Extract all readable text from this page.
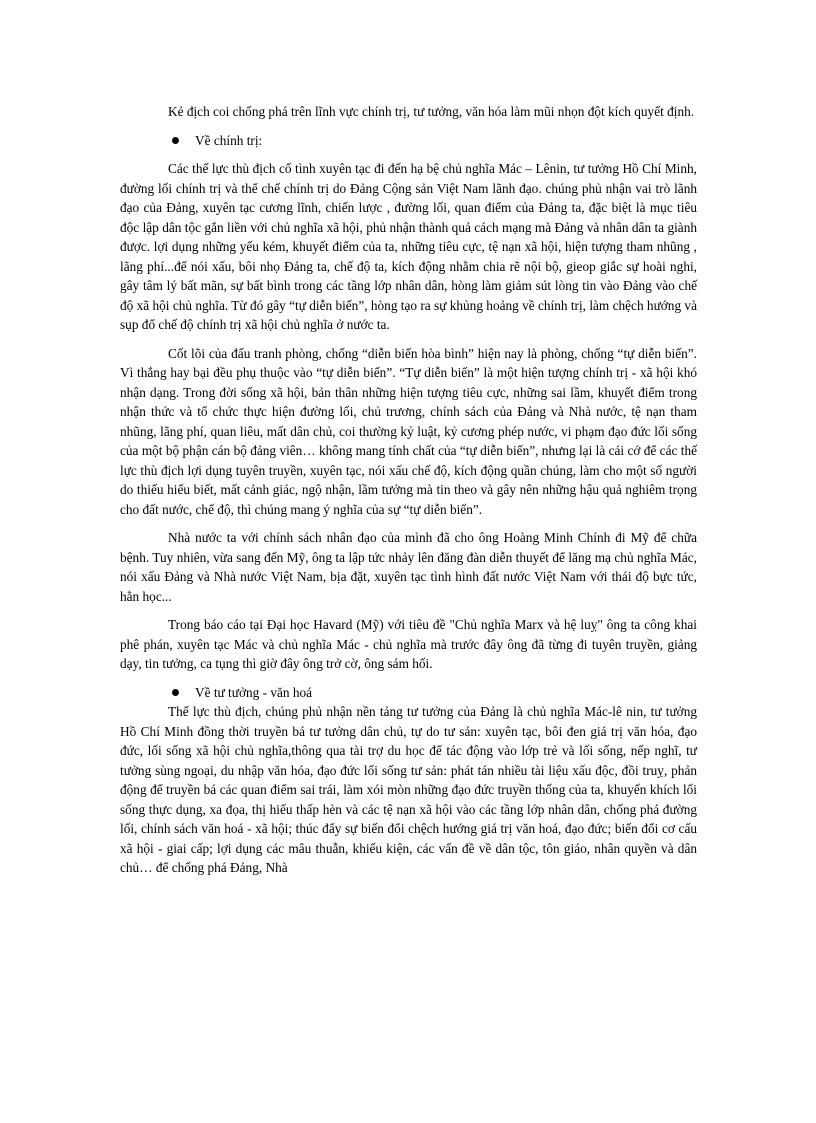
Kẻ địch coi chống phá trên lĩnh vực chính trị, tư tưởng, văn hóa làm mũi nhọn đột kích quyết định.

Về chính trị:

Các thế lực thù địch cố tình xuyên tạc đi đến hạ bệ chủ nghĩa Mác – Lênin, tư tưởng Hồ Chí Minh, đường lối chính trị và thể chế chính trị do Đảng Cộng sản Việt Nam lãnh đạo. chúng phủ nhận vai trò lãnh đạo của Đảng, xuyên tạc cương lĩnh, chiến lược , đường lối, quan điểm của Đảng ta, đặc biệt là mục tiêu độc lập dân tộc gắn liền với chủ nghĩa xã hội, phủ nhận thành quả cách mạng mà Đảng và nhân dân ta giành được. lợi dụng những yếu kém, khuyết điểm của ta, những tiêu cực, tệ nạn xã hội, hiện tượng tham nhũng , lãng phí...để nói xấu, bôi nhọ Đảng ta, chế độ ta, kích động nhằm chia rẽ nội bộ, gieop giắc sự hoài nghi, gây tâm lý bất mãn, sự bất bình trong các tầng lớp nhân dân, hòng làm giảm sút lòng tin vào Đảng vào chế độ xã hội chủ nghĩa. Từ đó gây “tự diễn biến”, hòng tạo ra sự khủng hoảng về chính trị, làm chệch hướng và sụp đổ chế độ chính trị xã hội chủ nghĩa ở nước ta.

Cốt lõi của đấu tranh phòng, chống “diễn biến hòa bình” hiện nay là phòng, chống “tự diễn biến”. Vì thắng hay bại đều phụ thuộc vào “tự diễn biến”. “Tự diễn biến” là một hiện tượng chính trị - xã hội khó nhận dạng. Trong đời sống xã hội, bản thân những hiện tượng tiêu cực, những sai lầm, khuyết điểm trong nhận thức và tổ chức thực hiện đường lối, chủ trương, chính sách của Đảng và Nhà nước, tệ nạn tham nhũng, lãng phí, quan liêu, mất dân chủ, coi thường kỷ luật, kỷ cương phép nước, vi phạm đạo đức lối sống của một bộ phận cán bộ đảng viên… không mang tính chất của “tự diễn biến”, nhưng lại là cái cớ để các thế lực thù địch lợi dụng tuyên truyền, xuyên tạc, nói xấu chế độ, kích động quần chúng, làm cho một số người do thiếu hiểu biết, mất cảnh giác, ngộ nhận, lầm tưởng mà tin theo và gây nên những hậu quả nghiêm trọng cho đất nước, chế độ, thì chúng mang ý nghĩa của sự “tự diễn biến”.

Nhà nước ta với chính sách nhân đạo của mình đã cho ông Hoàng Minh Chính đi Mỹ để chữa bệnh. Tuy nhiên, vừa sang đến Mỹ, ông ta lập tức nhảy lên đăng đàn diễn thuyết để lăng mạ chủ nghĩa Mác, nói xấu Đảng và Nhà nước Việt Nam, bịa đặt, xuyên tạc tình hình đất nước Việt Nam với thái độ bực tức, hằn học...

Trong báo cáo tại Đại học Havard (Mỹ) với tiêu đề "Chủ nghĩa Marx và hệ luỵ" ông ta công khai phê phán, xuyên tạc Mác và chủ nghĩa Mác - chủ nghĩa mà trước đây ông đã từng đi tuyên truyền, giảng dạy, tin tưởng, ca tụng thì giờ đây ông trở cờ, ông sám hối.

Về tư tưởng - văn hoá

Thế lực thù địch, chúng phủ nhận nền tảng tư tưởng của Đảng là chủ nghĩa Mác-lê nin, tư tưởng Hồ Chí Minh đồng thời truyền bá tư tưởng dân chủ, tự do tư sản: xuyên tạc, bôi đen giá trị văn hóa, đạo đức, lối sống xã hội chủ nghĩa,thông qua tài trợ du học để tác động vào lớp trẻ và lối sống, nếp nghĩ, tư tưởng sùng ngoại, du nhập văn hóa, đạo đức lối sống tư sản: phát tán nhiều tài liệu xấu độc, đồi truỵ, phản động để truyền bá các quan điểm sai trái, làm xói mòn những đạo đức truyền thống của ta, khuyến khích lối sống thực dụng, xa đọa, thị hiếu thấp hèn và các tệ nạn xã hội vào các tầng lớp nhân dân, chống phá đường lối, chính sách văn hoá - xã hội; thúc đẩy sự biến đổi chệch hướng giá trị văn hoá, đạo đức; biến đổi cơ cấu xã hội - giai cấp; lợi dụng các mâu thuẫn, khiếu kiện, các vấn đề về dân tộc, tôn giáo, nhân quyền và dân chủ… để chống phá Đảng, Nhà
